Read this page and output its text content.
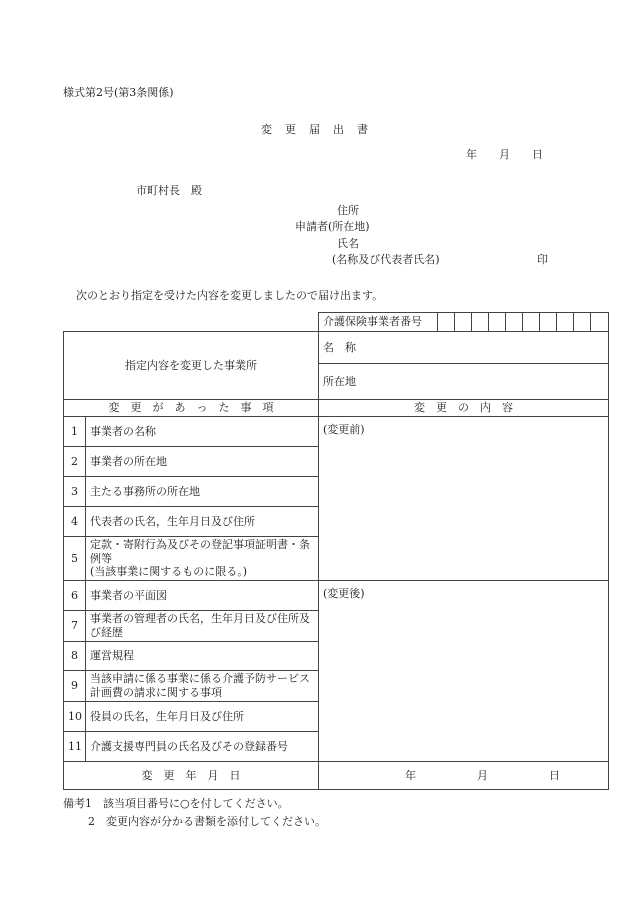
様式第2号(第3条関係)
変　更　届　出　書
年　　月　　日
市町村長　殿
住所
申請者(所在地)
氏名
(名称及び代表者氏名)	印
次のとおり指定を受けた内容を変更しましたので届け出ます。
		介護保険事業者番号										
指定内容を変更した事業所		名　称										
		所在地										
変　更　が　あ　っ　た　事　項		変　更　の　内　容										
1	事業者の名称	(変更前)										
2	事業者の所在地											
3	主たる事務所の所在地											
4	代表者の氏名，生年月日及び住所											
5	定款・寄附行為及びその登記事項証明書・条例等
(当該事業に関するものに限る。)											
6	事業者の平面図	(変更後)										
7	事業者の管理者の氏名，生年月日及び住所及び経歴											
8	運営規程											
9	当該申請に係る事業に係る介護予防サービス計画費の請求に関する事項											
10	役員の氏名，生年月日及び住所											
11	介護支援専門員の氏名及びその登録番号											
変　更　年　月　日		年 月 日										
備考1　該当項目番号に○を付してください。
2　変更内容が分かる書類を添付してください。
